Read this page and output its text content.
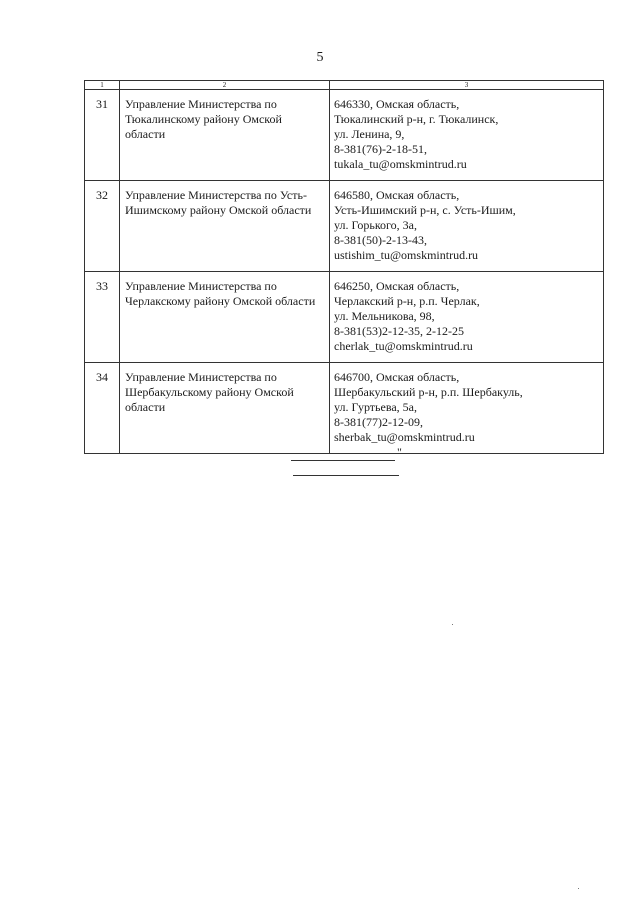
5
1	2	3
31	Управление Министерства по Тюкалинскому району Омской области	646330, Омская область,
Тюкалинский р-н, г. Тюкалинск,
ул. Ленина, 9,
8-381(76)-2-18-51,
tukala_tu@omskmintrud.ru

32	Управление Министерства по Усть-Ишимскому району Омской области	646580, Омская область,
Усть-Ишимский р-н, с. Усть-Ишим,
ул. Горького, 3а,
8-381(50)-2-13-43,
ustishim_tu@omskmintrud.ru

33	Управление Министерства по Черлакскому району Омской области	646250, Омская область,
Черлакский р-н, р.п. Черлак,
ул. Мельникова, 98,
8-381(53)2-12-35, 2-12-25
cherlak_tu@omskmintrud.ru

34	Управление Министерства по Шербакульскому району Омской области	646700, Омская область,
Шербакульский р-н, р.п. Шербакуль,
ул. Гуртьева, 5а,
8-381(77)2-12-09,
sherbak_tu@omskmintrud.ru
"
